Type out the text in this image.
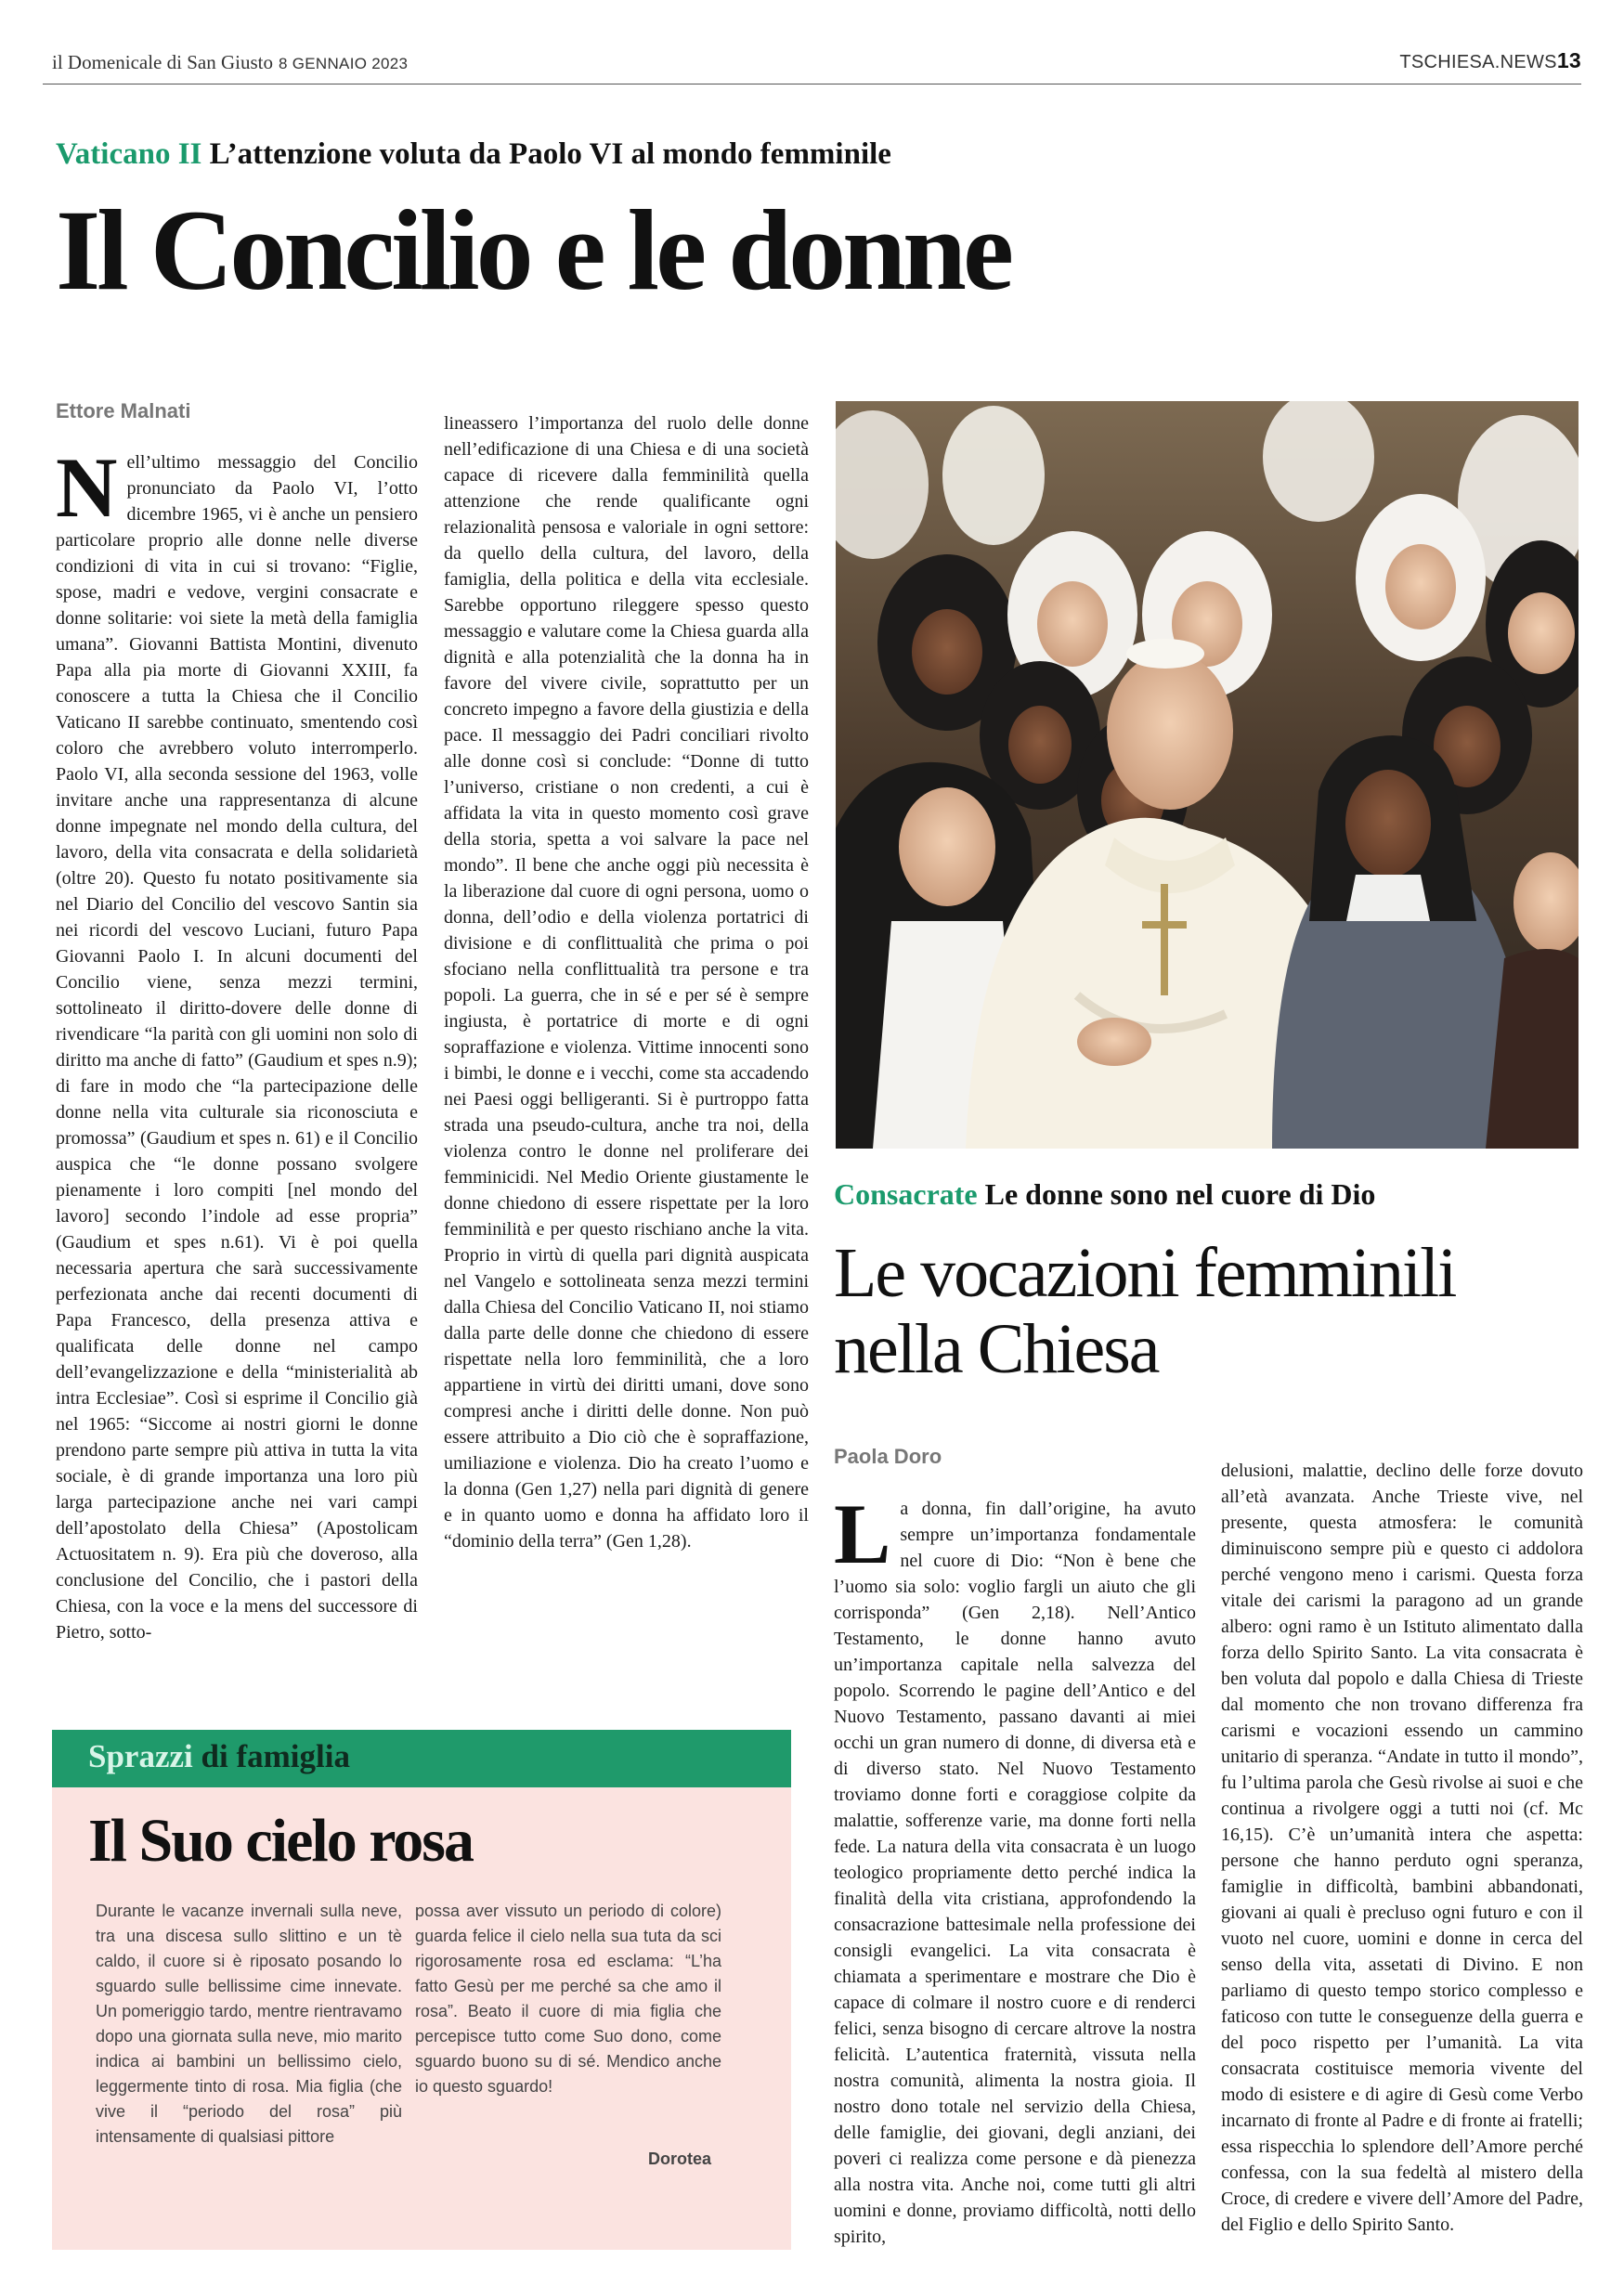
il Domenicale di San Giusto 8 GENNAIO 2023	TSCHIESA.NEWS13
Vaticano II L’attenzione voluta da Paolo VI al mondo femminile
Il Concilio e le donne
Ettore Malnati
N ell’ultimo messaggio del Concilio pronunciato da Paolo VI, l’otto dicembre 1965, vi è anche un pensiero particolare proprio alle donne nelle diverse condizioni di vita in cui si trovano: “Figlie, spose, madri e vedove, vergini consacrate e donne solitarie: voi siete la metà della famiglia umana”. Giovanni Battista Montini, divenuto Papa alla pia morte di Giovanni XXIII, fa conoscere a tutta la Chiesa che il Concilio Vaticano II sarebbe continuato, smentendo così coloro che avrebbero voluto interromperlo. Paolo VI, alla seconda sessione del 1963, volle invitare anche una rappresentanza di alcune donne impegnate nel mondo della cultura, del lavoro, della vita consacrata e della solidarietà (oltre 20). Questo fu notato positivamente sia nel Diario del Concilio del vescovo Santin sia nei ricordi del vescovo Luciani, futuro Papa Giovanni Paolo I. In alcuni documenti del Concilio viene, senza mezzi termini, sottolineato il diritto-dovere delle donne di rivendicare “la parità con gli uomini non solo di diritto ma anche di fatto” (Gaudium et spes n.9); di fare in modo che “la partecipazione delle donne nella vita culturale sia riconosciuta e promossa” (Gaudium et spes n. 61) e il Concilio auspica che “le donne possano svolgere pienamente i loro compiti [nel mondo del lavoro] secondo l’indole ad esse propria” (Gaudium et spes n.61). Vi è poi quella necessaria apertura che sarà successivamente perfezionata anche dai recenti documenti di Papa Francesco, della presenza attiva e qualificata delle donne nel campo dell’evangelizzazione e della “ministerialità ab intra Ecclesiae”. Così si esprime il Concilio già nel 1965: “Siccome ai nostri giorni le donne prendono parte sempre più attiva in tutta la vita sociale, è di grande importanza una loro più larga partecipazione anche nei vari campi dell’apostolato della Chiesa” (Apostolicam Actuositatem n. 9). Era più che doveroso, alla conclusione del Concilio, che i pastori della Chiesa, con la voce e la mens del successore di Pietro, sotto-
lineassero l’importanza del ruolo delle donne nell’edificazione di una Chiesa e di una società capace di ricevere dalla femminilità quella attenzione che rende qualificante ogni relazionalità pensosa e valoriale in ogni settore: da quello della cultura, del lavoro, della famiglia, della politica e della vita ecclesiale. Sarebbe opportuno rileggere spesso questo messaggio e valutare come la Chiesa guarda alla dignità e alla potenzialità che la donna ha in favore del vivere civile, soprattutto per un concreto impegno a favore della giustizia e della pace. Il messaggio dei Padri conciliari rivolto alle donne così si conclude: “Donne di tutto l’universo, cristiane o non credenti, a cui è affidata la vita in questo momento così grave della storia, spetta a voi salvare la pace nel mondo”. Il bene che anche oggi più necessita è la liberazione dal cuore di ogni persona, uomo o donna, dell’odio e della violenza portatrici di divisione e di conflittualità che prima o poi sfociano nella conflittualità tra persone e tra popoli. La guerra, che in sé e per sé è sempre ingiusta, è portatrice di morte e di ogni sopraffazione e violenza. Vittime innocenti sono i bimbi, le donne e i vecchi, come sta accadendo nei Paesi oggi belligeranti. Si è purtroppo fatta strada una pseudo-cultura, anche tra noi, della violenza contro le donne nel proliferare dei femminicidi. Nel Medio Oriente giustamente le donne chiedono di essere rispettate per la loro femminilità e per questo rischiano anche la vita. Proprio in virtù di quella pari dignità auspicata nel Vangelo e sottolineata senza mezzi termini dalla Chiesa del Concilio Vaticano II, noi stiamo dalla parte delle donne che chiedono di essere rispettate nella loro femminilità, che a loro appartiene in virtù dei diritti umani, dove sono compresi anche i diritti delle donne. Non può essere attribuito a Dio ciò che è sopraffazione, umiliazione e violenza. Dio ha creato l’uomo e la donna (Gen 1,27) nella pari dignità di genere e in quanto uomo e donna ha affidato loro il “dominio della terra” (Gen 1,28).
Consacrate Le donne sono nel cuore di Dio
Le vocazioni femminili
nella Chiesa
Paola Doro
L a donna, fin dall’origine, ha avuto sempre un’importanza fondamentale nel cuore di Dio: “Non è bene che l’uomo sia solo: voglio fargli un aiuto che gli corrisponda” (Gen 2,18). Nell’Antico Testamento, le donne hanno avuto un’importanza capitale nella salvezza del popolo. Scorrendo le pagine dell’Antico e del Nuovo Testamento, passano davanti ai miei occhi un gran numero di donne, di diversa età e di diverso stato. Nel Nuovo Testamento troviamo donne forti e coraggiose colpite da malattie, sofferenze varie, ma donne forti nella fede. La natura della vita consacrata è un luogo teologico propriamente detto perché indica la finalità della vita cristiana, approfondendo la consacrazione battesimale nella professione dei consigli evangelici. La vita consacrata è chiamata a sperimentare e mostrare che Dio è capace di colmare il nostro cuore e di renderci felici, senza bisogno di cercare altrove la nostra felicità. L’autentica fraternità, vissuta nella nostra comunità, alimenta la nostra gioia. Il nostro dono totale nel servizio della Chiesa, delle famiglie, dei giovani, degli anziani, dei poveri ci realizza come persone e dà pienezza alla nostra vita. Anche noi, come tutti gli altri uomini e donne, proviamo difficoltà, notti dello spirito,
delusioni, malattie, declino delle forze dovuto all’età avanzata. Anche Trieste vive, nel presente, questa atmosfera: le comunità diminuiscono sempre più e questo ci addolora perché vengono meno i carismi. Questa forza vitale dei carismi la paragono ad un grande albero: ogni ramo è un Istituto alimentato dalla forza dello Spirito Santo. La vita consacrata è ben voluta dal popolo e dalla Chiesa di Trieste dal momento che non trovano differenza fra carismi e vocazioni essendo un cammino unitario di speranza. “Andate in tutto il mondo”, fu l’ultima parola che Gesù rivolse ai suoi e che continua a rivolgere oggi a tutti noi (cf. Mc 16,15). C’è un’umanità intera che aspetta: persone che hanno perduto ogni speranza, famiglie in difficoltà, bambini abbandonati, giovani ai quali è precluso ogni futuro e con il vuoto nel cuore, uomini e donne in cerca del senso della vita, assetati di Divino. E non parliamo di questo tempo storico complesso e faticoso con tutte le conseguenze della guerra e del poco rispetto per l’umanità. La vita consacrata costituisce memoria vivente del modo di esistere e di agire di Gesù come Verbo incarnato di fronte al Padre e di fronte ai fratelli; essa rispecchia lo splendore dell’Amore perché confessa, con la sua fedeltà al mistero della Croce, di credere e vivere dell’Amore del Padre, del Figlio e dello Spirito Santo.
Sprazzi di famiglia
Il Suo cielo rosa
Durante le vacanze invernali sulla neve, tra una discesa sullo slittino e un tè caldo, il cuore si è riposato posando lo sguardo sulle bellissime cime innevate. Un pomeriggio tardo, mentre rientravamo dopo una giornata sulla neve, mio marito indica ai bambini un bellissimo cielo, leggermente tinto di rosa. Mia figlia (che vive il “periodo del rosa” più intensamente di qualsiasi pittore
possa aver vissuto un periodo di colore) guarda felice il cielo nella sua tuta da sci rigorosamente rosa ed esclama: “L’ha fatto Gesù per me perché sa che amo il rosa”. Beato il cuore di mia figlia che percepisce tutto come Suo dono, come sguardo buono su di sé. Mendico anche io questo sguardo!
Dorotea
